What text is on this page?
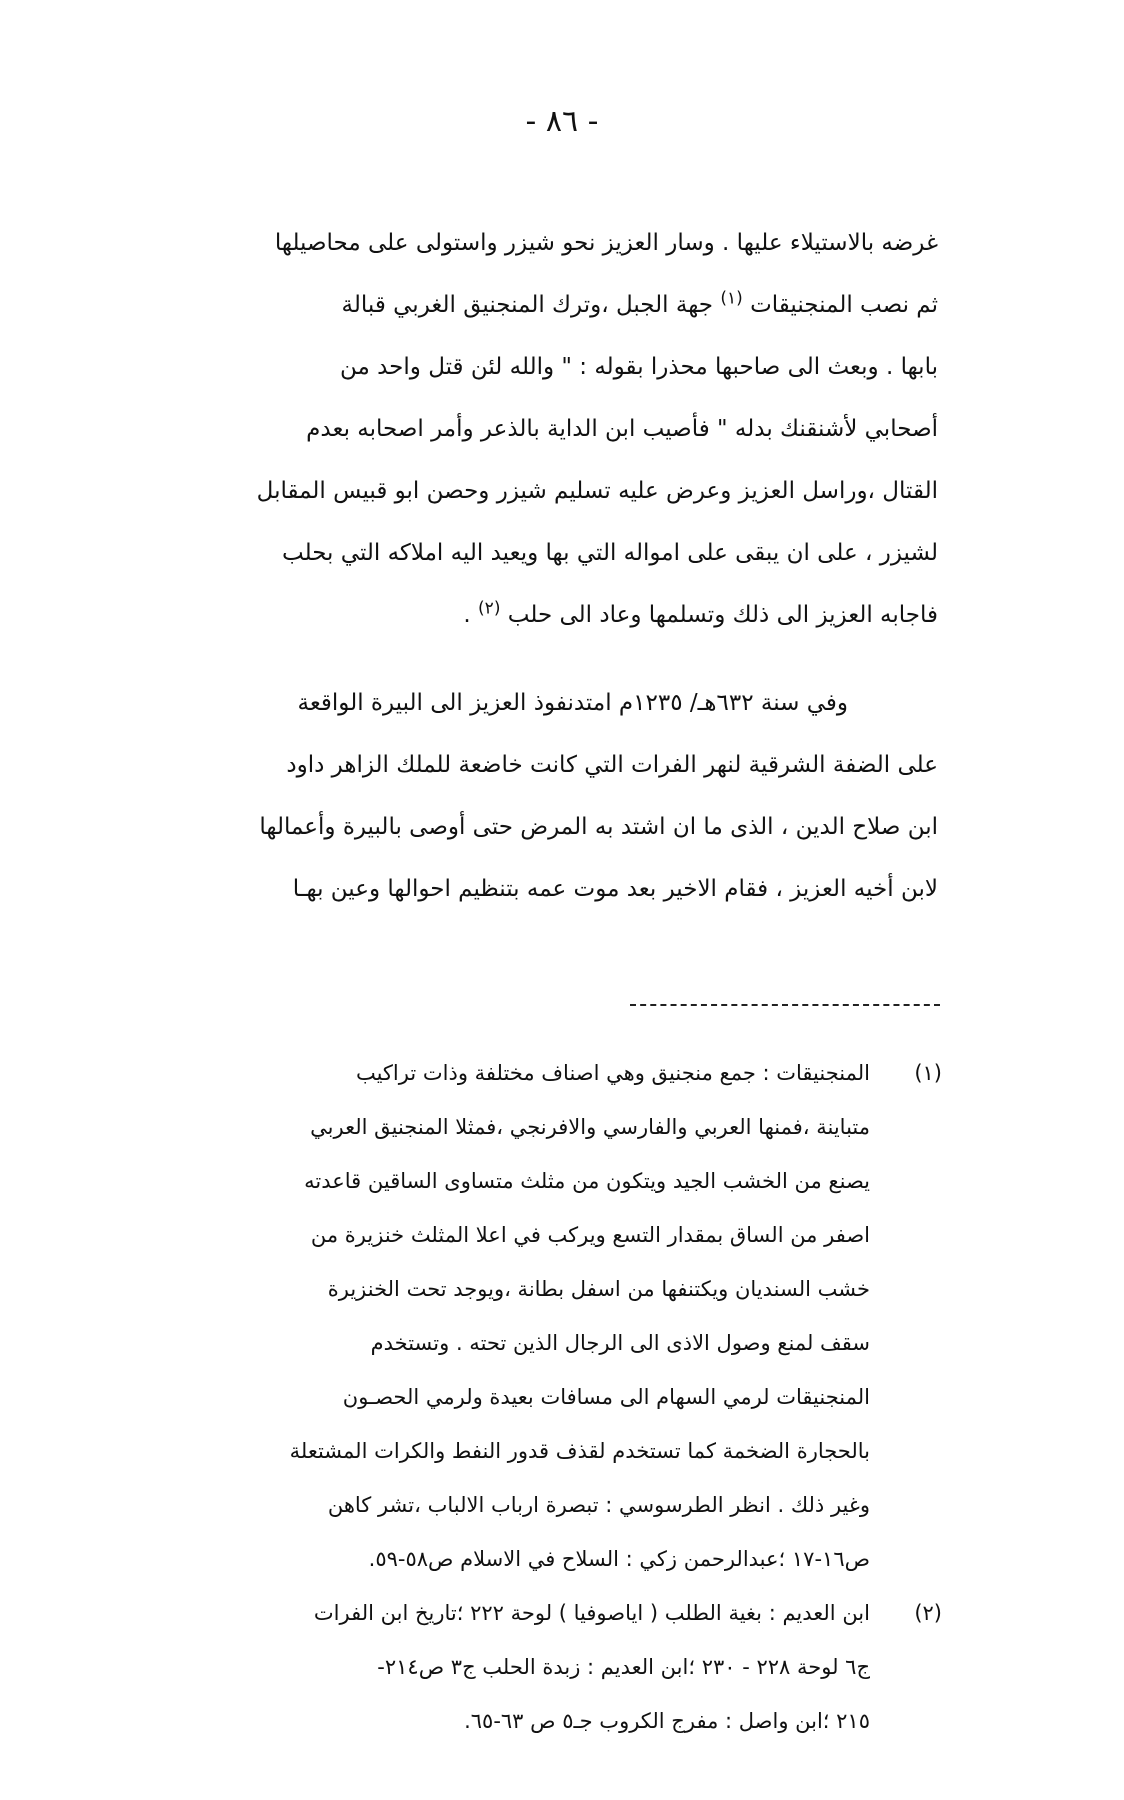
- ٨٦ -
غرضه بالاستيلاء عليها . وسار العزيز نحو شيزر واستولى على محاصيلها
ثم نصب المنجنيقات $^{(١)}$ جهة الجبل ،وترك المنجنيق الغربي قبالة
بابها . وبعث الى صاحبها محذرا بقوله : " والله لئن قتل واحد من
أصحابي لأشنقنك بدله " فأصيب ابن الداية بالذعر وأمر اصحابه بعدم
القتال ،وراسل العزيز وعرض عليه تسليم شيزر وحصن ابو قبيس المقابل
لشيزر ، على ان يبقى على امواله التي بها ويعيد اليه املاكه التي بحلب
فاجابه العزيز الى ذلك وتسلمها وعاد الى حلب $^{(٢)}$ .
وفي سنة ٦٣٢هـ/ ١٢٣٥م امتدنفوذ العزيز الى البيرة الواقعة
على الضفة الشرقية لنهر الفرات التي كانت خاضعة للملك الزاهر داود
ابن صلاح الدين ، الذى ما ان اشتد به المرض حتى أوصى بالبيرة وأعمالها
لابن أخيه العزيز ، فقام الاخير بعد موت عمه بتنظيم احوالها وعين بهـا
(١)
المنجنيقات : جمع منجنيق وهي اصناف مختلفة وذات تراكيب
متباينة ،فمنها العربي والفارسي والافرنجي ،فمثلا المنجنيق العربي
يصنع من الخشب الجيد ويتكون من مثلث متساوى الساقين قاعدته
اصفر من الساق بمقدار التسع ويركب في اعلا المثلث خنزيرة من
خشب السنديان ويكتنفها من اسفل بطانة ،ويوجد تحت الخنزيرة
سقف لمنع وصول الاذى الى الرجال الذين تحته . وتستخدم
المنجنيقات لرمي السهام الى مسافات بعيدة ولرمي الحصـون
بالحجارة الضخمة كما تستخدم لقذف قدور النفط والكرات المشتعلة
وغير ذلك . انظر الطرسوسي : تبصرة ارباب الالباب ،تشر كاهن
ص١٦-١٧ ؛عبدالرحمن زكي : السلاح في الاسلام ص٥٨-٥٩.
(٢)
ابن العديم : بغية الطلب ( اياصوفيا ) لوحة ٢٢٢ ؛تاريخ ابن الفرات
ج٦ لوحة ٢٢٨ - ٢٣٠ ؛ابن العديم : زبدة الحلب ج٣ ص٢١٤-
٢١٥ ؛ابن واصل : مفرج الكروب جـ٥ ص ٦٣-٦٥.
